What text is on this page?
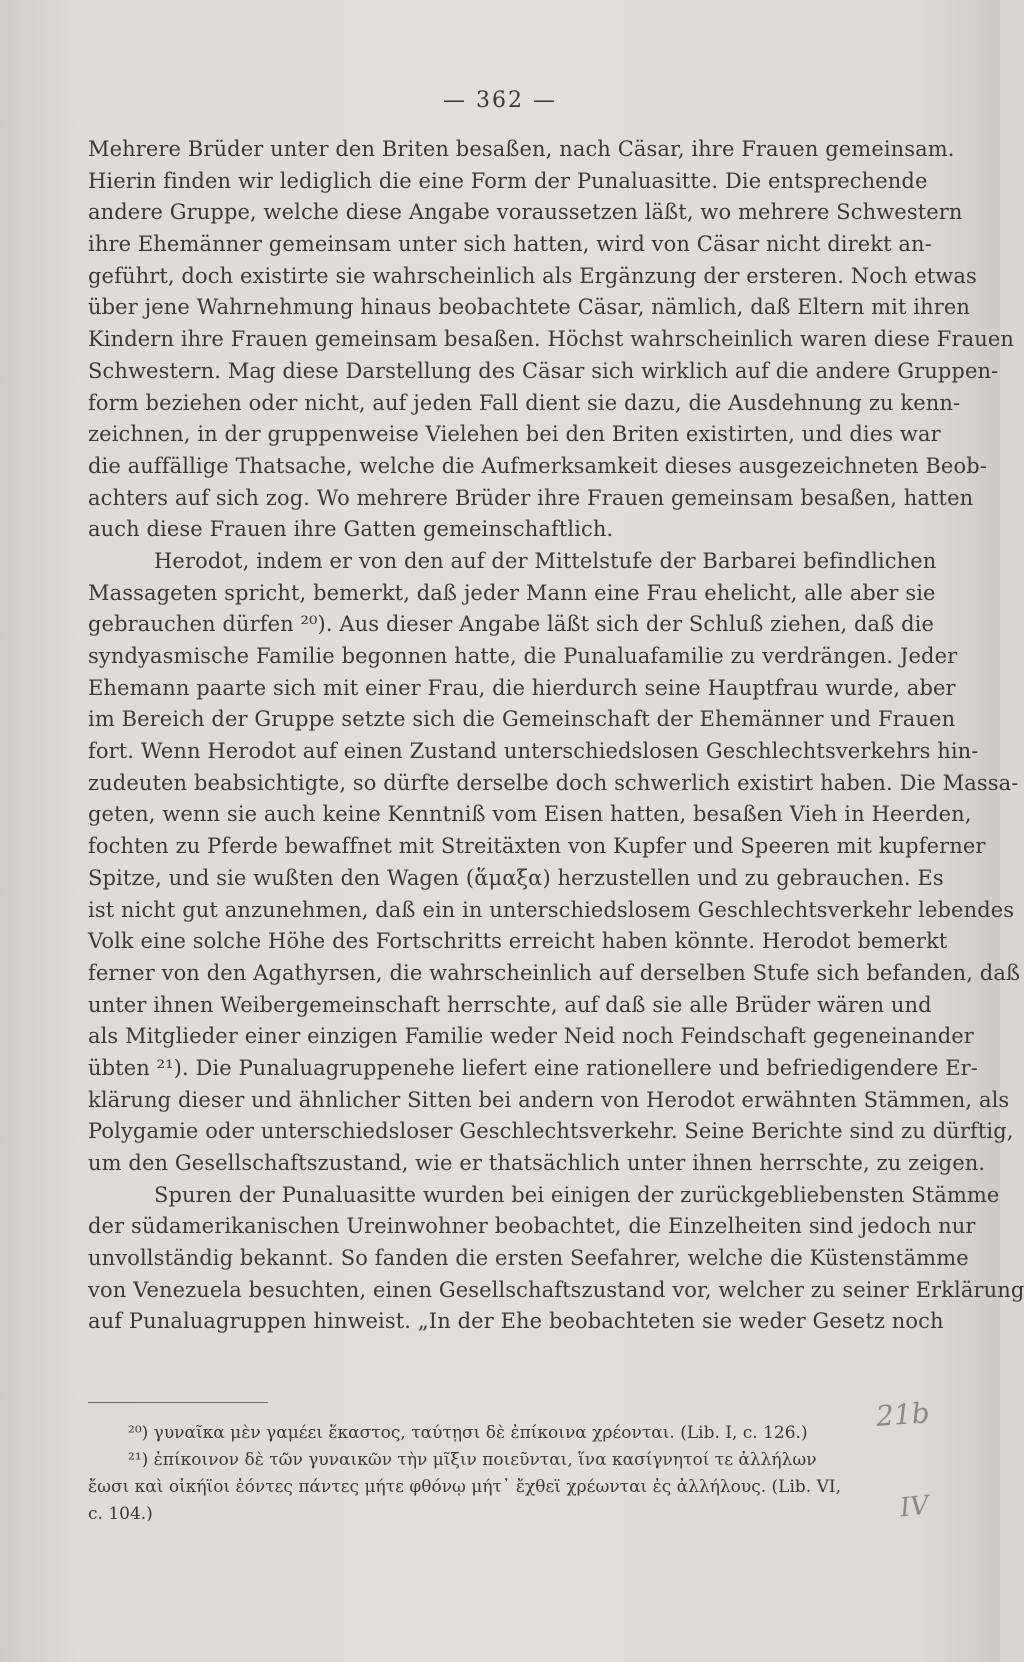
— 362 —
Mehrere Brüder unter den Briten besaßen, nach Cäsar, ihre Frauen gemeinsam.
Hierin finden wir lediglich die eine Form der Punaluasitte. Die entsprechende
andere Gruppe, welche diese Angabe voraussetzen läßt, wo mehrere Schwestern
ihre Ehemänner gemeinsam unter sich hatten, wird von Cäsar nicht direkt an-
geführt, doch existirte sie wahrscheinlich als Ergänzung der ersteren. Noch etwas
über jene Wahrnehmung hinaus beobachtete Cäsar, nämlich, daß Eltern mit ihren
Kindern ihre Frauen gemeinsam besaßen. Höchst wahrscheinlich waren diese Frauen
Schwestern. Mag diese Darstellung des Cäsar sich wirklich auf die andere Gruppen-
form beziehen oder nicht, auf jeden Fall dient sie dazu, die Ausdehnung zu kenn-
zeichnen, in der gruppenweise Vielehen bei den Briten existirten, und dies war
die auffällige Thatsache, welche die Aufmerksamkeit dieses ausgezeichneten Beob-
achters auf sich zog. Wo mehrere Brüder ihre Frauen gemeinsam besaßen, hatten
auch diese Frauen ihre Gatten gemeinschaftlich.
Herodot, indem er von den auf der Mittelstufe der Barbarei befindlichen
Massageten spricht, bemerkt, daß jeder Mann eine Frau ehelicht, alle aber sie
gebrauchen dürfen ²⁰). Aus dieser Angabe läßt sich der Schluß ziehen, daß die
syndyasmische Familie begonnen hatte, die Punaluafamilie zu verdrängen. Jeder
Ehemann paarte sich mit einer Frau, die hierdurch seine Hauptfrau wurde, aber
im Bereich der Gruppe setzte sich die Gemeinschaft der Ehemänner und Frauen
fort. Wenn Herodot auf einen Zustand unterschiedslosen Geschlechtsverkehrs hin-
zudeuten beabsichtigte, so dürfte derselbe doch schwerlich existirt haben. Die Massa-
geten, wenn sie auch keine Kenntniß vom Eisen hatten, besaßen Vieh in Heerden,
fochten zu Pferde bewaffnet mit Streitäxten von Kupfer und Speeren mit kupferner
Spitze, und sie wußten den Wagen (ἅμαξα) herzustellen und zu gebrauchen. Es
ist nicht gut anzunehmen, daß ein in unterschiedslosem Geschlechtsverkehr lebendes
Volk eine solche Höhe des Fortschritts erreicht haben könnte. Herodot bemerkt
ferner von den Agathyrsen, die wahrscheinlich auf derselben Stufe sich befanden, daß
unter ihnen Weibergemeinschaft herrschte, auf daß sie alle Brüder wären und
als Mitglieder einer einzigen Familie weder Neid noch Feindschaft gegeneinander
übten ²¹). Die Punaluagruppenehe liefert eine rationellere und befriedigendere Er-
klärung dieser und ähnlicher Sitten bei andern von Herodot erwähnten Stämmen, als
Polygamie oder unterschiedsloser Geschlechtsverkehr. Seine Berichte sind zu dürftig,
um den Gesellschaftszustand, wie er thatsächlich unter ihnen herrschte, zu zeigen.
Spuren der Punaluasitte wurden bei einigen der zurückgebliebensten Stämme
der südamerikanischen Ureinwohner beobachtet, die Einzelheiten sind jedoch nur
unvollständig bekannt. So fanden die ersten Seefahrer, welche die Küstenstämme
von Venezuela besuchten, einen Gesellschaftszustand vor, welcher zu seiner Erklärung
auf Punaluagruppen hinweist. „In der Ehe beobachteten sie weder Gesetz noch
²⁰) γυναῖκα μὲν γαμέει ἕκαστος, ταύτῃσι δὲ ἐπίκοινα χρέονται. (Lib. I, c. 126.)
²¹) ἐπίκοινον δὲ τῶν γυναικῶν τὴν μῖξιν ποιεῦνται, ἵνα κασίγνητοί τε ἀλλήλων
ἔωσι καὶ οἰκήϊοι ἐόντες πάντες μήτε φθόνῳ μήτ᾽ ἔχθεϊ χρέωνται ἐς ἀλλήλους. (Lib. VI,
c. 104.)
21b
IV
